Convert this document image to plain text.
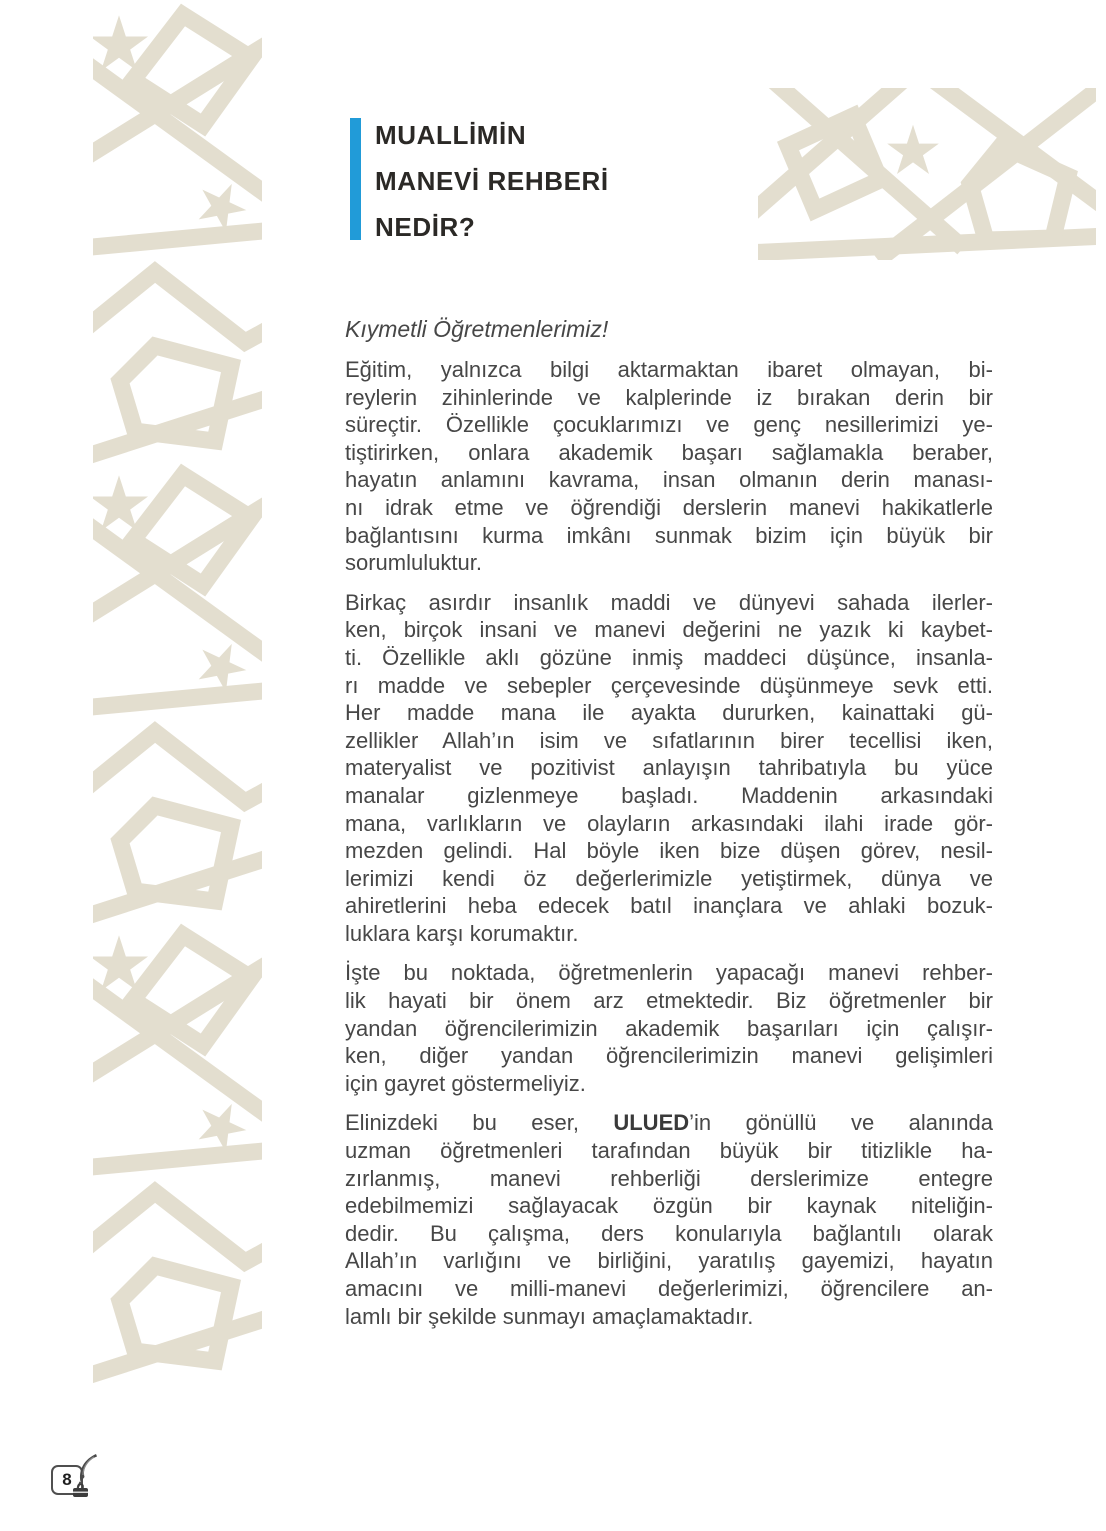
MUALLİMİN
MANEVİ REHBERİ
NEDİR?

Kıymetli Öğretmenlerimiz!

Eğitim, yalnızca bilgi aktarmaktan ibaret olmayan, bi-
reylerin zihinlerinde ve kalplerinde iz bırakan derin bir
süreçtir. Özellikle çocuklarımızı ve genç nesillerimizi ye-
tiştirirken, onlara akademik başarı sağlamakla beraber,
hayatın anlamını kavrama, insan olmanın derin manası-
nı idrak etme ve öğrendiği derslerin manevi hakikatlerle
bağlantısını kurma imkânı sunmak bizim için büyük bir
sorumluluktur.
Birkaç asırdır insanlık maddi ve dünyevi sahada ilerler-
ken, birçok insani ve manevi değerini ne yazık ki kaybet-
ti. Özellikle aklı gözüne inmiş maddeci düşünce, insanla-
rı madde ve sebepler çerçevesinde düşünmeye sevk etti.
Her madde mana ile ayakta dururken, kainattaki gü-
zellikler Allah’ın isim ve sıfatlarının birer tecellisi iken,
materyalist ve pozitivist anlayışın tahribatıyla bu yüce
manalar gizlenmeye başladı. Maddenin arkasındaki
mana, varlıkların ve olayların arkasındaki ilahi irade gör-
mezden gelindi. Hal böyle iken bize düşen görev, nesil-
lerimizi kendi öz değerlerimizle yetiştirmek, dünya ve
ahiretlerini heba edecek batıl inançlara ve ahlaki bozuk-
luklara karşı korumaktır.
İşte bu noktada, öğretmenlerin yapacağı manevi rehber-
lik hayati bir önem arz etmektedir. Biz öğretmenler bir
yandan öğrencilerimizin akademik başarıları için çalışır-
ken, diğer yandan öğrencilerimizin manevi gelişimleri
için gayret göstermeliyiz.
Elinizdeki bu eser, ULUED’in gönüllü ve alanında
uzman öğretmenleri tarafından büyük bir titizlikle ha-
zırlanmış, manevi rehberliği derslerimize entegre
edebilmemizi sağlayacak özgün bir kaynak niteliğin-
dedir. Bu çalışma, ders konularıyla bağlantılı olarak
Allah’ın varlığını ve birliğini, yaratılış gayemizi, hayatın
amacını ve milli-manevi değerlerimizi, öğrencilere an-
lamlı bir şekilde sunmayı amaçlamaktadır.
8
